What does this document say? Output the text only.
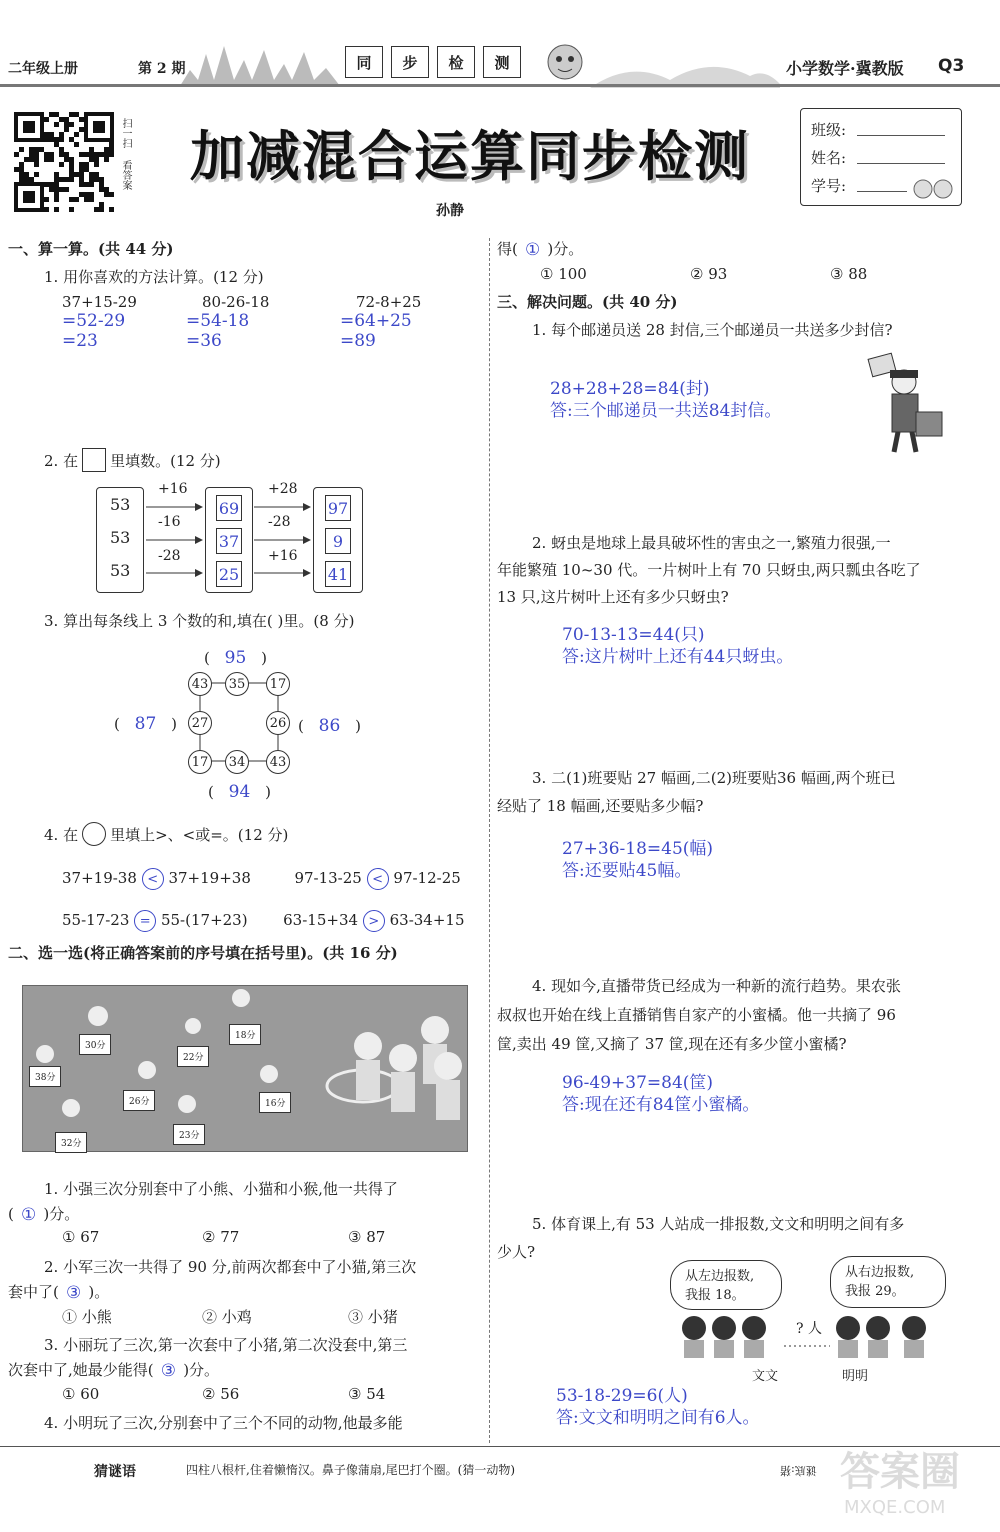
二年级上册	第 2 期	同	步	检	测	小学数学·冀教版 Q3
扫一扫
看答案 加减混合运算同步检测
孙静
班级:
姓名:
学号:
一、算一算。(共 44 分)
1. 用你喜欢的方法计算。(12 分)
37+15-29
=52-29
=23
80-26-18
=54-18
=36
72-8+25
=64+25
=89
2. 在 里填数。(12 分)
53
53
53
69
37
25
97
9
41
+16
-16
-28
+28
-28
+16
3. 算出每条线上 3 个数的和,填在( )里。(8 分)
43 35 17
27	26
17 34 43
( 95 )
( 87 )	( 86 )
( 94 )
4. 在 里填上>、<或=。(12 分)
37+19-38 < 37+19+38	97-13-25 < 97-12-25
55-17-23 = 55-(17+23) 63-15+34 > 63-34+15
二、选一选(将正确答案前的序号填在括号里)。(共 16 分)
30分
22分
18分
38分
26分	16分
32分
23分
1. 小强三次分别套中了小熊、小猫和小猴,他一共得了
( ① )分。
① 67	② 77	③ 87
2. 小军三次一共得了 90 分,前两次都套中了小猫,第三次
套中了( ③ )。
① 小熊	② 小鸡	③ 小猪
3. 小丽玩了三次,第一次套中了小猪,第二次没套中,第三
次套中了,她最少能得( ③ )分。
① 60	② 56	③ 54
4. 小明玩了三次,分别套中了三个不同的动物,他最多能
得( ① )分。
① 100	② 93	③ 88
三、解决问题。(共 40 分)
1. 每个邮递员送 28 封信,三个邮递员一共送多少封信?
28+28+28=84(封)
答:三个邮递员一共送84封信。
2. 蚜虫是地球上最具破坏性的害虫之一,繁殖力很强,一
年能繁殖 10~30 代。一片树叶上有 70 只蚜虫,两只瓢虫各吃了
13 只,这片树叶上还有多少只蚜虫?
70-13-13=44(只)
答:这片树叶上还有44只蚜虫。
3. 二(1)班要贴 27 幅画,二(2)班要贴36 幅画,两个班已
经贴了 18 幅画,还要贴多少幅?
27+36-18=45(幅)
答:还要贴45幅。
4. 现如今,直播带货已经成为一种新的流行趋势。果农张
叔叔也开始在线上直播销售自家产的小蜜橘。他一共摘了 96
筐,卖出 49 筐,又摘了 37 筐,现在还有多少筐小蜜橘?
96-49+37=84(筐)
答:现在还有84筐小蜜橘。
5. 体育课上,有 53 人站成一排报数,文文和明明之间有多
少人?
从左边报数,
我报 18。
从右边报数,
我报 29。
? 人
文文	明明
53-18-29=6(人)
答:文文和明明之间有6人。
猜谜语	四柱八根杆,住着懒惰汉。鼻子像蒲扇,尾巴打个圈。(猜一动物)	谜底:猪 答案圈
MXQE.COM
